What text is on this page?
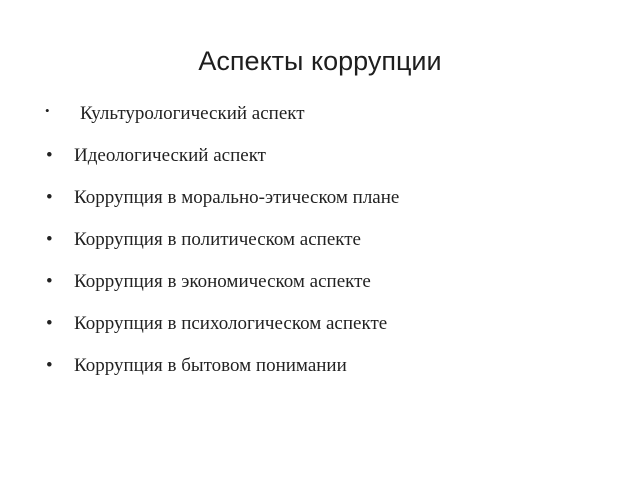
Аспекты коррупции
• Культурологический аспект
• Идеологический аспект
• Коррупция в морально-этическом плане
• Коррупция в политическом аспекте
• Коррупция в экономическом аспекте
• Коррупция в психологическом аспекте
• Коррупция в бытовом понимании
